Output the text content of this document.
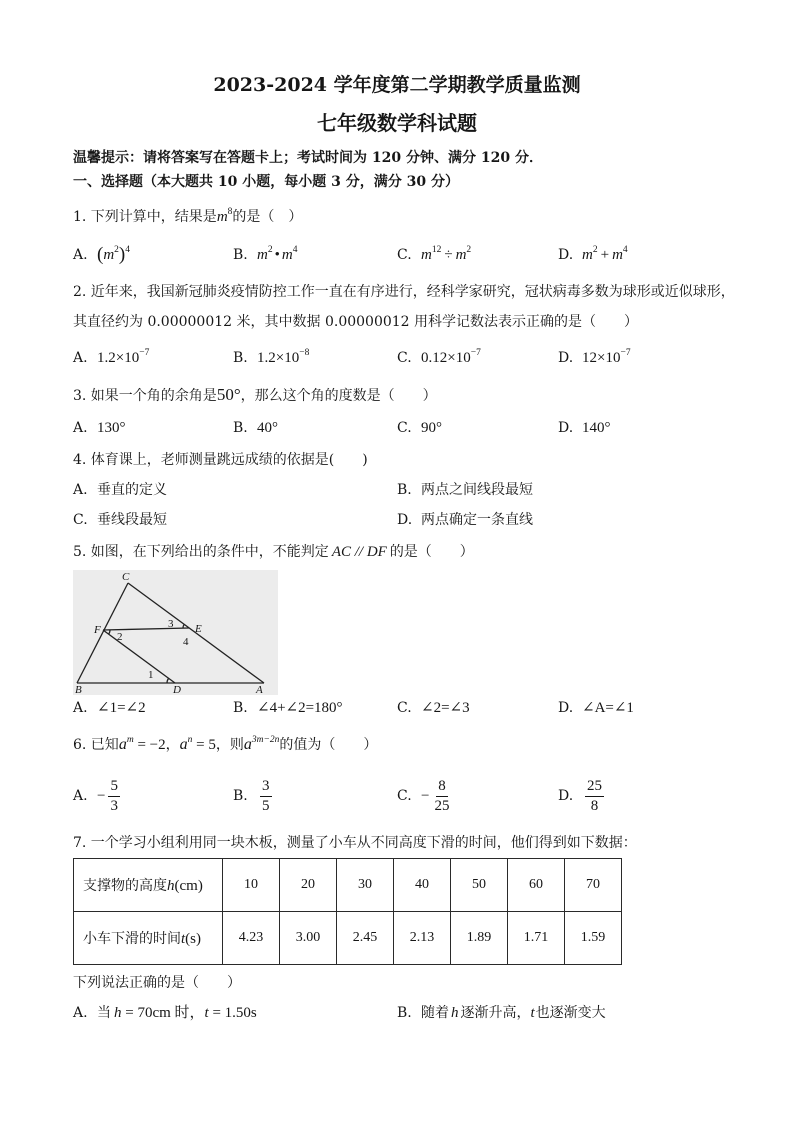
2023-2024 学年度第二学期教学质量监测
七年级数学科试题
温馨提示：请将答案写在答题卡上；考试时间为 120 分钟、满分 120 分．
一、选择题（本大题共 10 小题，每小题 3 分，满分 30 分）
1. 下列计算中，结果是$m^8$的是（　）
A. $(m^2)^4$	B. $m^2$ • $m^4$	C. $m^{12} \div m^2$	D. $m^2 + m^4$
2. 近年来，我国新冠肺炎疫情防控工作一直在有序进行，经科学家研究，冠状病毒多数为球形或近似球形，
其直径约为 0.00000012 米，其中数据 0.00000012 用科学记数法表示正确的是（　　）
A. $1.2\times 10^{-7}$	B. $1.2\times 10^{-8}$	C. $0.12\times 10^{-7}$	D. $12\times 10^{-7}$
3. 如果一个角的余角是50°，那么这个角的度数是（　　）
A. 130°	B. 40°	C. 90°	D. 140°
4. 体育课上，老师测量跳远成绩的依据是(　　)
A. 垂直的定义	B. 两点之间线段最短
C. 垂线段最短	D. 两点确定一条直线
5. 如图，在下列给出的条件中，不能判定 AC // DF 的是（　　）
C
F
2
3 E
4
1
B	D	A
A. ∠1=∠2	B. ∠4+∠2=180°	C. ∠2=∠3	D. ∠A=∠1
6. 已知$a^m = -2$，$a^n = 5$，则$a^{3m-2n}$的值为（　　）
A. − $\frac{5}{3}$	B. $\frac{3}{5}$	C. − $\frac{8}{25}$	D. $\frac{25}{8}$
7. 一个学习小组利用同一块木板，测量了小车从不同高度下滑的时间，他们得到如下数据：
支撑物的高度h(cm)	10	20	30	40	50	60	70
小车下滑的时间t(s)	4.23	3.00	2.45	2.13	1.89	1.71	1.59
下列说法正确的是（　　）
A. 当 h = 70cm 时，t = 1.50s	B. 随着 h 逐渐升高，t也逐渐变大
